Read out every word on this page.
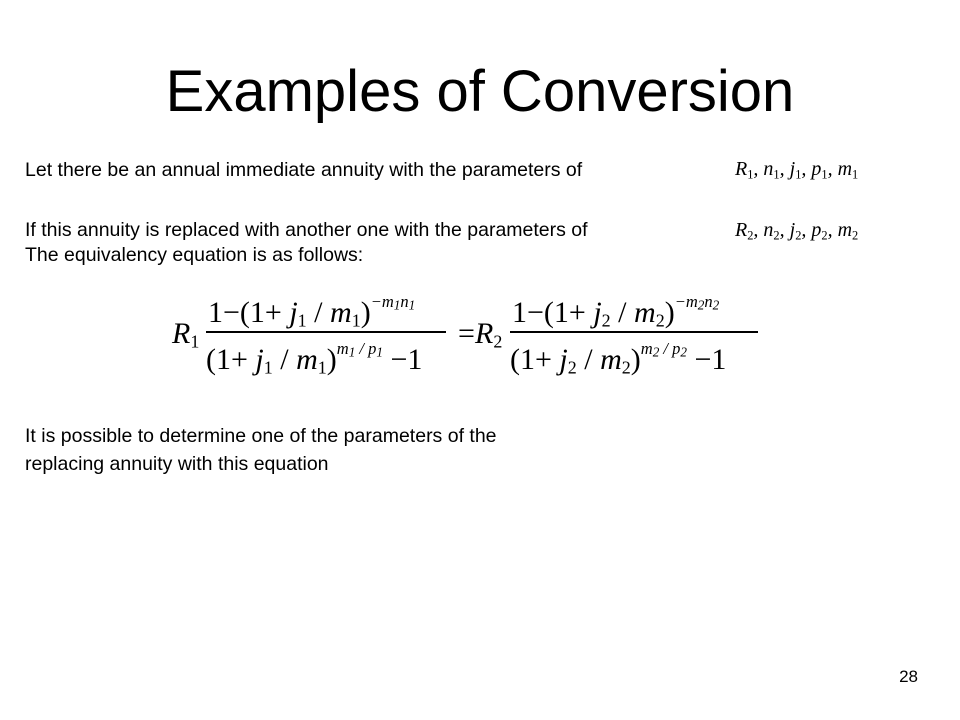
Examples of Conversion
Let there be an annual immediate annuity with the parameters of	$R_1$, $n_1$, $j_1$, $p_1$, $m_1$
If this annuity is replaced with another one with the parameters of	$R_2$, $n_2$, $j_2$, $p_2$, $m_2$
The equivalency equation is as follows:
$R_1$
$1-(1+ j_1 / m_1)^{-m_1n_1}$
$(1+ j_1 / m_1)^{m_1 / p_1} -1$
= $R_2$
$1-(1+ j_2 / m_2)^{-m_2n_2}$
$(1+ j_2 / m_2)^{m_2 / p_2} -1$
It is possible to determine one of the parameters of the
replacing annuity with this equation
28
